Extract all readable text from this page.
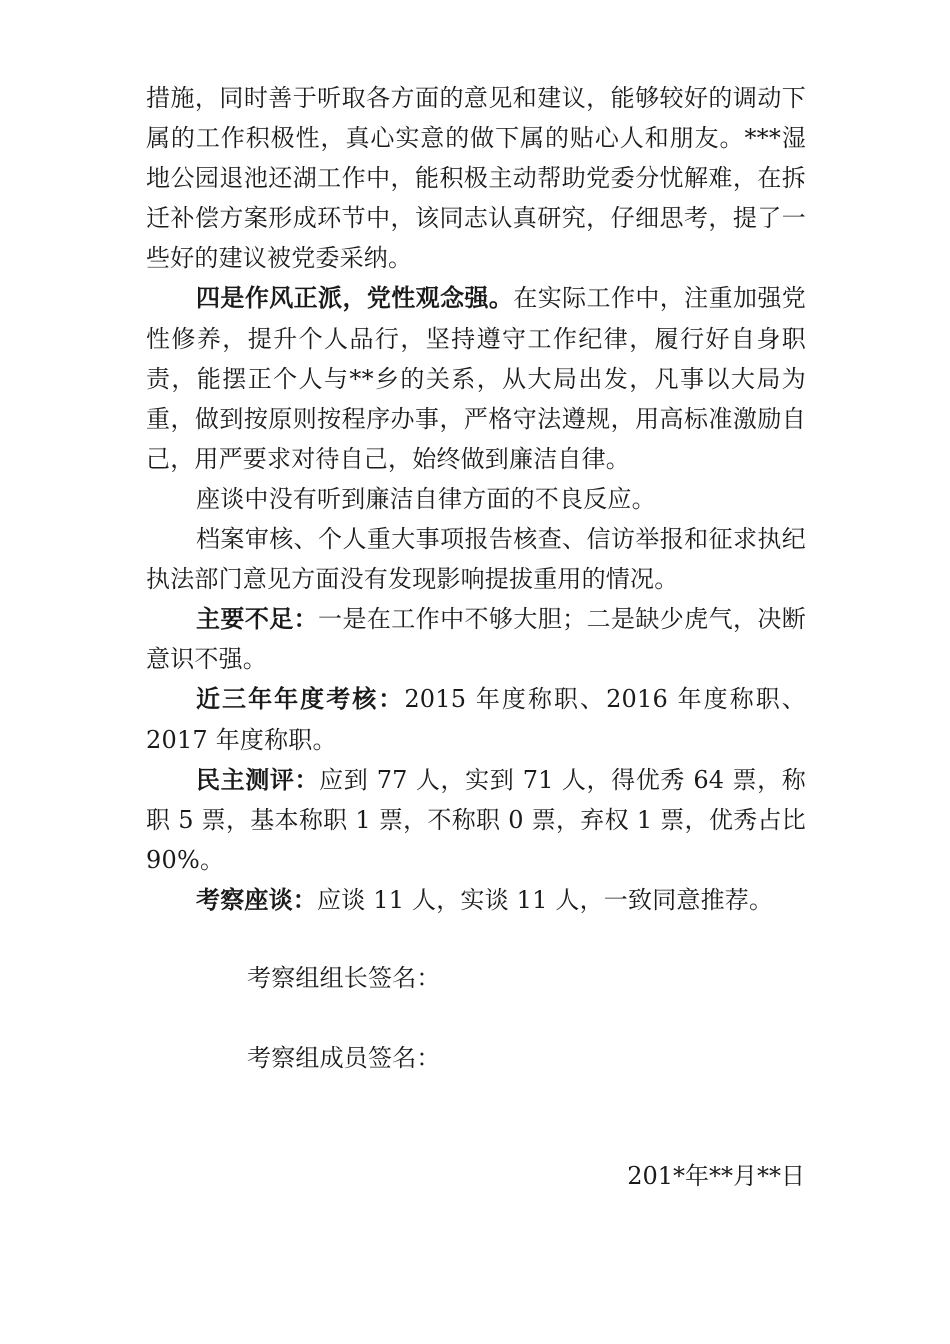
措施，同时善于听取各方面的意见和建议，能够较好的调动下属的工作积极性，真心实意的做下属的贴心人和朋友。***湿地公园退池还湖工作中，能积极主动帮助党委分忧解难，在拆迁补偿方案形成环节中，该同志认真研究，仔细思考，提了一些好的建议被党委采纳。

四是作风正派，党性观念强。在实际工作中，注重加强党性修养，提升个人品行，坚持遵守工作纪律，履行好自身职责，能摆正个人与**乡的关系，从大局出发，凡事以大局为重，做到按原则按程序办事，严格守法遵规，用高标准激励自己，用严要求对待自己，始终做到廉洁自律。

座谈中没有听到廉洁自律方面的不良反应。

档案审核、个人重大事项报告核查、信访举报和征求执纪执法部门意见方面没有发现影响提拔重用的情况。

主要不足：一是在工作中不够大胆；二是缺少虎气，决断意识不强。

近三年年度考核：2015 年度称职、2016 年度称职、2017 年度称职。

民主测评：应到 77 人，实到 71 人，得优秀 64 票，称职 5 票，基本称职 1 票，不称职 0 票，弃权 1 票，优秀占比 90%。

考察座谈：应谈 11 人，实谈 11 人，一致同意推荐。

考察组组长签名：

考察组成员签名：

201*年**月**日
